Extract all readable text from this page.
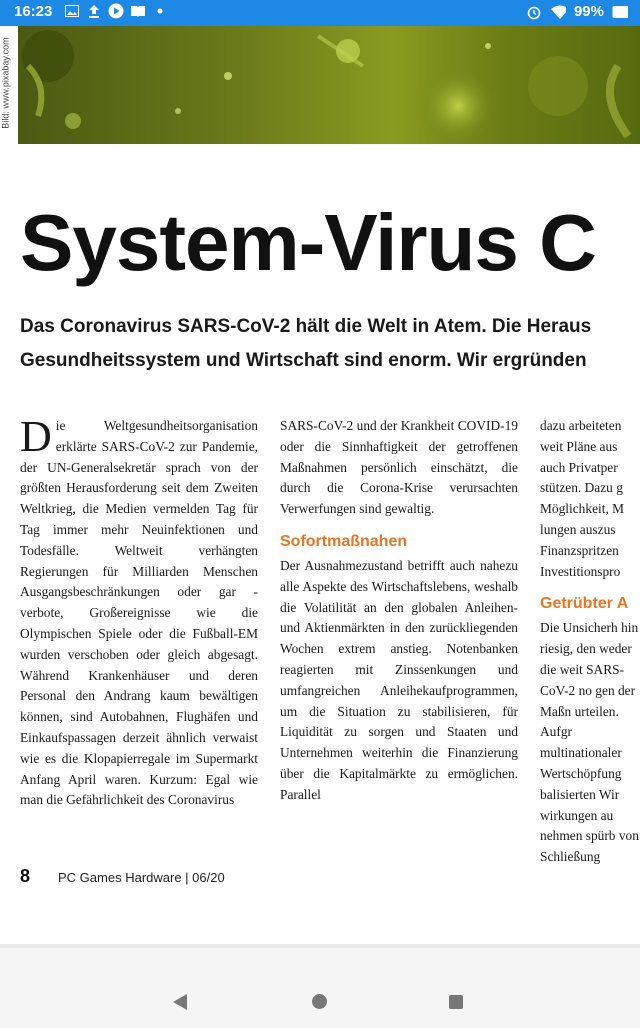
16:23	99%
Bild: www.pixabay.com
System-Virus C
Das Coronavirus SARS-CoV-2 hält die Welt in Atem. Die Heraus
Gesundheitssystem und Wirtschaft sind enorm. Wir ergründen
D ie Weltgesundheitsorganisation erklärte SARS-CoV-2 zur Pandemie, der UN-Generalsekretär sprach von der größten Herausforderung seit dem Zweiten Weltkrieg, die Medien vermelden Tag für Tag immer mehr Neuinfektionen und Todesfälle. Weltweit verhängten Regierungen für Milliarden Menschen Ausgangsbeschränkungen oder gar -verbote, Großereignisse wie die Olympischen Spiele oder die Fußball-EM wurden verschoben oder gleich abgesagt. Während Krankenhäuser und deren Personal den Andrang kaum bewältigen können, sind Autobahnen, Flughäfen und Einkaufspassagen derzeit ähnlich verwaist wie es die Klopapierregale im Supermarkt Anfang April waren. Kurzum: Egal wie man die Gefährlichkeit des Coronavirus
SARS-CoV-2 und der Krankheit COVID-19 oder die Sinnhaftigkeit der getroffenen Maßnahmen persönlich einschätzt, die durch die Corona-Krise verursachten Verwerfungen sind gewaltig.
Sofortmaßnahen
Der Ausnahmezustand betrifft auch nahezu alle Aspekte des Wirtschaftslebens, weshalb die Volatilität an den globalen Anleihen- und Aktienmärkten in den zurückliegenden Wochen extrem anstieg. Notenbanken reagierten mit Zinssenkungen und umfangreichen Anleihekaufprogrammen, um die Situation zu stabilisieren, für Liquidität zu sorgen und Staaten und Unternehmen weiterhin die Finanzierung über die Kapitalmärkte zu ermöglichen. Parallel
dazu arbeiteten weit Pläne aus auch Privatper stützen. Dazu g Möglichkeit, M lungen auszus Finanzspritzen Investitionspro
Getrübter A
Die Unsicherh hin riesig, den weder die weit SARS-CoV-2 no gen der Maßn urteilen. Aufgr multinationaler Wertschöpfung balisierten Wir wirkungen au nehmen spürb von Schließung
8 PC Games Hardware | 06/20
